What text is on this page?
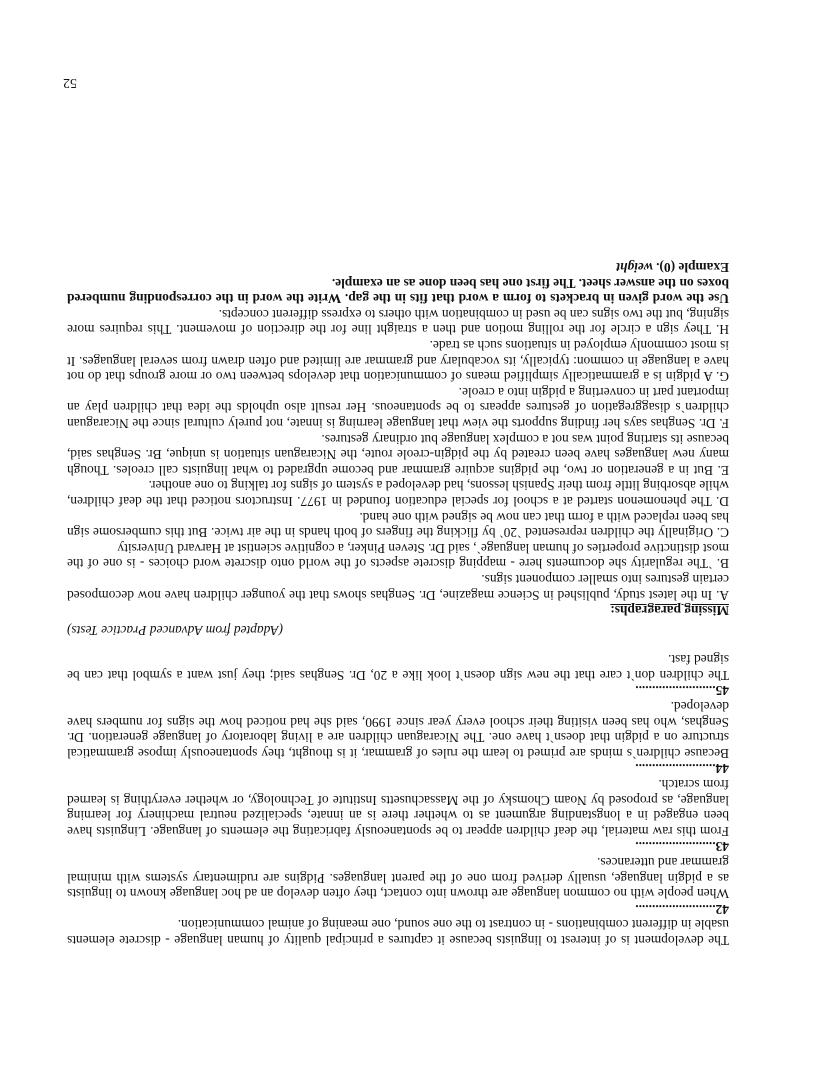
The development is of interest to linguists because it captures a principal quality of human language - discrete elements usable in different combinations - in contrast to the one sound, one meaning of animal communication.

42........................

When people with no common language are thrown into contact, they often develop an ad hoc language known to linguists as a pidgin language, usually derived from one of the parent languages. Pidgins are rudimentary systems with minimal grammar and utterances.

43........................

From this raw material, the deaf children appear to be spontaneously fabricating the elements of language. Linguists have been engaged in a longstanding argument as to whether there is an innate, specialized neutral machinery for learning language, as proposed by Noam Chomsky of the Massachusetts Institute of Technology, or whether everything is learned from scratch.

44........................

Because children`s minds are primed to learn the rules of grammar, it is thought, they spontaneously impose grammatical structure on a pidgin that doesn`t have one. The Nicaraguan children are a living laboratory of language generation. Dr. Senghas, who has been visiting their school every year since 1990, said she had noticed how the signs for numbers have developed.

45........................

The children don`t care that the new sign doesn`t look like a 20, Dr. Senghas said; they just want a symbol that can be signed fast.

(Adapted from Advanced Practice Tests)

Missing paragraphs:

A. In the latest study, published in Science magazine, Dr. Senghas shows that the younger children have now decomposed certain gestures into smaller component signs.

B. `The regularity she documents here - mapping discrete aspects of the world onto discrete word choices - is one of the most distinctive properties of human language`, said Dr. Steven Pinker, a cognitive scientist at Harvard University

C. Originally the children represented `20` by flicking the fingers of both hands in the air twice. But this cumbersome sign has been replaced with a form that can now be signed with one hand.

D. The phenomenon started at a school for special education founded in 1977. Instructors noticed that the deaf children, while absorbing little from their Spanish lessons, had developed a system of signs for talking to one another.

E. But in a generation or two, the pidgins acquire grammar and become upgraded to what linguists call creoles. Though many new languages have been created by the pidgin-creole route, the Nicaraguan situation is unique, Br. Senghas said, because its starting point was not a complex language but ordinary gestures.

F. Dr. Senghas says her finding supports the view that language learning is innate, not purely cultural since the Nicaraguan children`s disaggregation of gestures appears to be spontaneous. Her result also upholds the idea that children play an important part in converting a pidgin into a creole.

G. A pidgin is a grammatically simplified means of communication that develops between two or more groups that do not have a language in common: typically, its vocabulary and grammar are limited and often drawn from several languages. It is most commonly employed in situations such as trade.

H. They sign a circle for the rolling motion and then a straight line for the direction of movement. This requires more signing, but the two signs can be used in combination with others to express different concepts.

Use the word given in brackets to form a word that fits in the gap. Write the word in the corresponding numbered boxes on the answer sheet. The first one has been done as an example.

Example (0). weight

52
